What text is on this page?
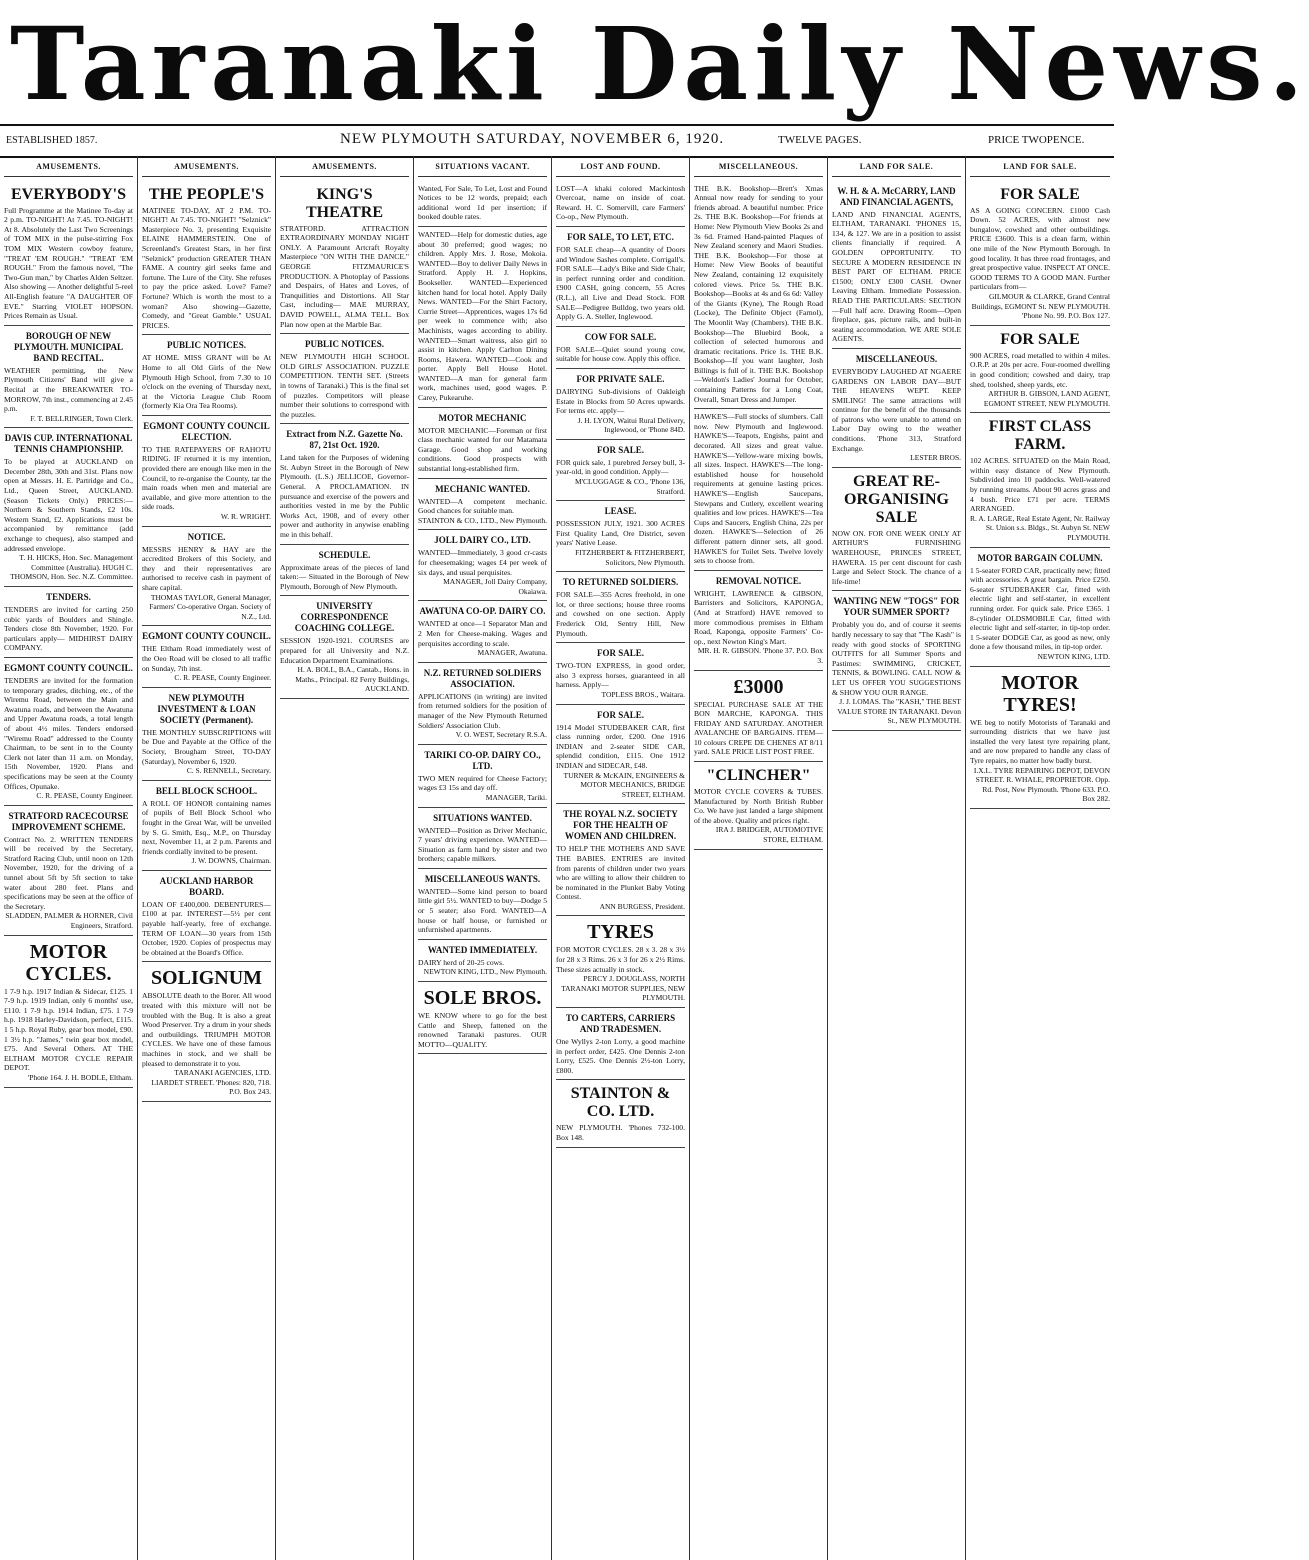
Taranaki Daily News.
ESTABLISHED 1857.	NEW PLYMOUTH SATURDAY, NOVEMBER 6, 1920.	TWELVE PAGES.	PRICE TWOPENCE.
AMUSEMENTS.
EVERYBODY'S
Full Programme at the Matinee To-day at 2 p.m. TO-NIGHT! At 7.45. TO-NIGHT! At 8. Absolutely the Last Two Screenings of TOM MIX in the pulse-stirring Fox TOM MIX Western cowboy feature, "TREAT 'EM ROUGH." "TREAT 'EM ROUGH." From the famous novel, "The Two-Gun man," by Charles Alden Seltzer. Also showing — Another delightful 5-reel All-English feature "A DAUGHTER OF EVE." Starring VIOLET HOPSON. Prices Remain as Usual.
BOROUGH OF NEW PLYMOUTH. MUNICIPAL BAND RECITAL.
WEATHER permitting, the New Plymouth Citizens' Band will give a Recital at the BREAKWATER TO-MORROW, 7th inst., commencing at 2.45 p.m.
F. T. BELLRINGER, Town Clerk.
DAVIS CUP. INTERNATIONAL TENNIS CHAMPIONSHIP.
To be played at AUCKLAND on December 28th, 30th and 31st. Plans now open at Messrs. H. E. Partridge and Co., Ltd., Queen Street, AUCKLAND. (Season Tickets Only.) PRICES:— Northern & Southern Stands, £2 10s. Western Stand, £2. Applications must be accompanied by remittance (add exchange to cheques), also stamped and addressed envelope.
T. H. HICKS, Hon. Sec. Management Committee (Australia). HUGH C. THOMSON, Hon. Sec. N.Z. Committee.
TENDERS.
TENDERS are invited for carting 250 cubic yards of Boulders and Shingle. Tenders close 8th November, 1920. For particulars apply— MIDHIRST DAIRY COMPANY.
EGMONT COUNTY COUNCIL.
TENDERS are invited for the formation to temporary grades, ditching, etc., of the Wiremu Road, between the Main and Awatuna roads, and between the Awatuna and Upper Awatuna roads, a total length of about 4½ miles. Tenders endorsed "Wiremu Road" addressed to the County Chairman, to be sent in to the County Clerk not later than 11 a.m. on Monday, 15th November, 1920. Plans and specifications may be seen at the County Offices, Opunake.
C. R. PEASE, County Engineer.
STRATFORD RACECOURSE IMPROVEMENT SCHEME.
Contract No. 2. WRITTEN TENDERS will be received by the Secretary, Stratford Racing Club, until noon on 12th November, 1920, for the driving of a tunnel about 5ft by 5ft section to take water about 280 feet. Plans and specifications may be seen at the office of the Secretary.
SLADDEN, PALMER & HORNER, Civil Engineers, Stratford.
MOTOR CYCLES.
1 7-9 h.p. 1917 Indian & Sidecar, £125. 1 7-9 h.p. 1919 Indian, only 6 months' use, £110. 1 7-9 h.p. 1914 Indian, £75. 1 7-9 h.p. 1918 Harley-Davidson, perfect, £115. 1 5 h.p. Royal Ruby, gear box model, £90. 1 3½ h.p. "James," twin gear box model, £75. And Several Others. AT THE ELTHAM MOTOR CYCLE REPAIR DEPOT.
'Phone 164. J. H. BODLE, Eltham.
AMUSEMENTS.
THE PEOPLE'S
MATINEE TO-DAY, AT 2 P.M. TO-NIGHT! At 7.45. TO-NIGHT! "Selznick" Masterpiece No. 3, presenting Exquisite ELAINE HAMMERSTEIN. One of Screenland's Greatest Stars, in her first "Selznick" production GREATER THAN FAME. A country girl seeks fame and fortune. The Lure of the City. She refuses to pay the price asked. Love? Fame? Fortune? Which is worth the most to a woman? Also showing—Gazette, Comedy, and "Great Gamble." USUAL PRICES.
PUBLIC NOTICES.
AT HOME. MISS GRANT will be At Home to all Old Girls of the New Plymouth High School, from 7.30 to 10 o'clock on the evening of Thursday next, at the Victoria League Club Room (formerly Kia Ora Tea Rooms).
EGMONT COUNTY COUNCIL ELECTION.
TO THE RATEPAYERS OF RAHOTU RIDING. IF returned it is my intention, provided there are enough like men in the Council, to re-organise the County, tar the main roads when men and material are available, and give more attention to the side roads.
W. R. WRIGHT.
NOTICE.
MESSRS HENRY & HAY are the accredited Brokers of this Society, and they and their representatives are authorised to receive cash in payment of share capital.
THOMAS TAYLOR, General Manager, Farmers' Co-operative Organ. Society of N.Z., Ltd.
EGMONT COUNTY COUNCIL.
THE Eltham Road immediately west of the Oeo Road will be closed to all traffic on Sunday, 7th inst.
C. R. PEASE, County Engineer.
NEW PLYMOUTH INVESTMENT & LOAN SOCIETY (Permanent).
THE MONTHLY SUBSCRIPTIONS will be Due and Payable at the Office of the Society, Brougham Street, TO-DAY (Saturday), November 6, 1920.
C. S. RENNELL, Secretary.
BELL BLOCK SCHOOL.
A ROLL OF HONOR containing names of pupils of Bell Block School who fought in the Great War, will be unveiled by S. G. Smith, Esq., M.P., on Thursday next, November 11, at 2 p.m. Parents and friends cordially invited to be present.
J. W. DOWNS, Chairman.
AUCKLAND HARBOR BOARD.
LOAN OF £400,000. DEBENTURES—£100 at par. INTEREST—5½ per cent payable half-yearly, free of exchange. TERM OF LOAN—30 years from 15th October, 1920. Copies of prospectus may be obtained at the Board's Office.
SOLIGNUM
ABSOLUTE death to the Borer. All wood treated with this mixture will not be troubled with the Bug. It is also a great Wood Preserver. Try a drum in your sheds and outbuildings. TRIUMPH MOTOR CYCLES. We have one of these famous machines in stock, and we shall be pleased to demonstrate it to you.
TARANAKI AGENCIES, LTD. LIARDET STREET. 'Phones: 820, 718. P.O. Box 243.
AMUSEMENTS.
KING'S THEATRE
STRATFORD. ATTRACTION EXTRAORDINARY MONDAY NIGHT ONLY. A Paramount Artcraft Royalty Masterpiece "ON WITH THE DANCE." GEORGE FITZMAURICE'S PRODUCTION. A Photoplay of Passions and Despairs, of Hates and Loves, of Tranquilities and Distortions. All Star Cast, including— MAE MURRAY, DAVID POWELL, ALMA TELL. Box Plan now open at the Marble Bar.
PUBLIC NOTICES.
NEW PLYMOUTH HIGH SCHOOL OLD GIRLS' ASSOCIATION. PUZZLE COMPETITION. TENTH SET. (Streets in towns of Taranaki.) This is the final set of puzzles. Competitors will please number their solutions to correspond with the puzzles.
Extract from N.Z. Gazette No. 87, 21st Oct. 1920.
Land taken for the Purposes of widening St. Aubyn Street in the Borough of New Plymouth. (L.S.) JELLICOE, Governor-General. A PROCLAMATION. IN pursuance and exercise of the powers and authorities vested in me by the Public Works Act, 1908, and of every other power and authority in anywise enabling me in this behalf.
SCHEDULE.
Approximate areas of the pieces of land taken:— Situated in the Borough of New Plymouth, Borough of New Plymouth.
UNIVERSITY CORRESPONDENCE COACHING COLLEGE.
SESSION 1920-1921. COURSES are prepared for all University and N.Z. Education Department Examinations.
H. A. BOLL, B.A., Cantab., Hons. in Maths., Principal. 82 Ferry Buildings, AUCKLAND.
SITUATIONS VACANT.
Wanted, For Sale, To Let, Lost and Found Notices to be 12 words, prepaid; each additional word 1d per insertion; if booked double rates.
WANTED—Help for domestic duties, age about 30 preferred; good wages; no children. Apply Mrs. J. Rose, Mokoia. WANTED—Boy to deliver Daily News in Stratford. Apply H. J. Hopkins, Bookseller. WANTED—Experienced kitchen hand for local hotel. Apply Daily News. WANTED—For the Shirt Factory, Currie Street—Apprentices, wages 17s 6d per week to commence with; also Machinists, wages according to ability. WANTED—Smart waitress, also girl to assist in kitchen. Apply Carlton Dining Rooms, Hawera. WANTED—Cook and porter. Apply Bell House Hotel. WANTED—A man for general farm work, machines used, good wages. P. Carey, Pukearuhe.
MOTOR MECHANIC
MOTOR MECHANIC—Foreman or first class mechanic wanted for our Matamata Garage. Good shop and working conditions. Good prospects with substantial long-established firm.
MECHANIC WANTED.
WANTED—A competent mechanic. Good chances for suitable man.
STAINTON & CO., LTD., New Plymouth.
JOLL DAIRY CO., LTD.
WANTED—Immediately, 3 good cr-casts for cheesemaking; wages £4 per week of six days, and usual perquisites.
MANAGER, Joll Dairy Company, Okaiawa.
AWATUNA CO-OP. DAIRY CO.
WANTED at once—1 Separator Man and 2 Men for Cheese-making. Wages and perquisites according to scale.
MANAGER, Awatuna.
N.Z. RETURNED SOLDIERS ASSOCIATION.
APPLICATIONS (in writing) are invited from returned soldiers for the position of manager of the New Plymouth Returned Soldiers' Association Club.
V. O. WEST, Secretary R.S.A.
TARIKI CO-OP. DAIRY CO., LTD.
TWO MEN required for Cheese Factory; wages £3 15s and day off.
MANAGER, Tariki.
SITUATIONS WANTED.
WANTED—Position as Driver Mechanic, 7 years' driving experience. WANTED—Situation as farm hand by sister and two brothers; capable milkers.
MISCELLANEOUS WANTS.
WANTED—Some kind person to board little girl 5½. WANTED to buy—Dodge 5 or 5 seater; also Ford. WANTED—A house or half house, or furnished or unfurnished apartments.
WANTED IMMEDIATELY.
DAIRY herd of 20-25 cows.
NEWTON KING, LTD., New Plymouth.
SOLE BROS.
WE KNOW where to go for the best Cattle and Sheep, fattened on the renowned Taranaki pastures. OUR MOTTO—QUALITY.
LOST AND FOUND.
LOST—A khaki colored Mackintosh Overcoat, name on inside of coat. Reward. H. C. Somervill, care Farmers' Co-op., New Plymouth.
FOR SALE, TO LET, ETC.
FOR SALE cheap—A quantity of Doors and Window Sashes complete. Corrigall's. FOR SALE—Lady's Bike and Side Chair, in perfect running order and condition. £900 CASH, going concern, 55 Acres (R.L.), all Live and Dead Stock. FOR SALE—Pedigree Bulldog, two years old. Apply G. A. Steller, Inglewood.
COW FOR SALE.
FOR SALE—Quiet sound young cow, suitable for house cow. Apply this office.
FOR PRIVATE SALE.
DAIRYING Sub-divisions of Oakleigh Estate in Blocks from 50 Acres upwards. For terms etc. apply—
J. H. LYON, Waitui Rural Delivery, Inglewood, or 'Phone 84D.
FOR SALE.
FOR quick sale, 1 purebred Jersey bull, 3-year-old, in good condition. Apply—
M'CLUGGAGE & CO., 'Phone 136, Stratford.
LEASE.
POSSESSION JULY, 1921. 300 ACRES First Quality Land, Ore District, seven years' Native Lease.
FITZHERBERT & FITZHERBERT, Solicitors, New Plymouth.
TO RETURNED SOLDIERS.
FOR SALE—355 Acres freehold, in one lot, or three sections; house three rooms and cowshed on one section. Apply Frederick Old, Sentry Hill, New Plymouth.
FOR SALE.
TWO-TON EXPRESS, in good order, also 3 express horses, guaranteed in all harness. Apply—
TOPLESS BROS., Waitara.
FOR SALE.
1914 Model STUDEBAKER CAR, first class running order, £200. One 1916 INDIAN and 2-seater SIDE CAR, splendid condition, £115. One 1912 INDIAN and SIDECAR, £48.
TURNER & McKAIN, ENGINEERS & MOTOR MECHANICS, BRIDGE STREET, ELTHAM.
THE ROYAL N.Z. SOCIETY FOR THE HEALTH OF WOMEN AND CHILDREN.
TO HELP THE MOTHERS AND SAVE THE BABIES. ENTRIES are invited from parents of children under two years who are willing to allow their children to be nominated in the Plunket Baby Voting Contest.
ANN BURGESS, President.
TYRES
FOR MOTOR CYCLES. 28 x 3. 28 x 3½ for 28 x 3 Rims. 26 x 3 for 26 x 2½ Rims. These sizes actually in stock.
PERCY J. DOUGLASS, NORTH TARANAKI MOTOR SUPPLIES, NEW PLYMOUTH.
TO CARTERS, CARRIERS AND TRADESMEN.
One Wyllys 2-ton Lorry, a good machine in perfect order, £425. One Dennis 2-ton Lorry, £525. One Dennis 2½-ton Lorry, £800.
STAINTON & CO. LTD.
NEW PLYMOUTH. 'Phones 732-100. Box 148.
MISCELLANEOUS.
THE B.K. Bookshop—Brett's Xmas Annual now ready for sending to your friends abroad. A beautiful number. Price 2s. THE B.K. Bookshop—For friends at Home: New Plymouth View Books 2s and 3s 6d. Framed Hand-painted Plaques of New Zealand scenery and Maori Studies. THE B.K. Bookshop—For those at Home: New View Books of beautiful New Zealand, containing 12 exquisitely colored views. Price 5s. THE B.K. Bookshop—Books at 4s and 6s 6d: Valley of the Giants (Kyne), The Rough Road (Locke), The Definite Object (Farnol), The Moonlit Way (Chambers). THE B.K. Bookshop—The Bluebird Book, a collection of selected humorous and dramatic recitations. Price 1s. THE B.K. Bookshop—If you want laughter, Josh Billings is full of it. THE B.K. Bookshop—Weldon's Ladies' Journal for October, containing Patterns for a Long Coat, Overall, Smart Dress and Jumper.
HAWKE'S—Full stocks of slumbers. Call now. New Plymouth and Inglewood. HAWKE'S—Teapots, Engishs, paint and decorated. All sizes and great value. HAWKE'S—Yellow-ware mixing bowls, all sizes. Inspect. HAWKE'S—The long-established house for household requirements at genuine lasting prices. HAWKE'S—English Saucepans, Stewpans and Cutlery, excellent wearing qualities and low prices. HAWKE'S—Tea Cups and Saucers, English China, 22s per dozen. HAWKE'S—Selection of 26 different pattern dinner sets, all good. HAWKE'S for Toilet Sets. Twelve lovely sets to choose from.
REMOVAL NOTICE.
WRIGHT, LAWRENCE & GIBSON, Barristers and Solicitors, KAPONGA, (And at Stratford) HAVE removed to more commodious premises in Eltham Road, Kaponga, opposite Farmers' Co-op., next Newton King's Mart.
MR. H. R. GIBSON. 'Phone 37. P.O. Box 3.
£3000
SPECIAL PURCHASE SALE AT THE BON MARCHE, KAPONGA. THIS FRIDAY AND SATURDAY. ANOTHER AVALANCHE OF BARGAINS. ITEM—10 colours CREPE DE CHENES AT 8/11 yard. SALE PRICE LIST POST FREE.
"CLINCHER"
MOTOR CYCLE COVERS & TUBES. Manufactured by North British Rubber Co. We have just landed a large shipment of the above. Quality and prices right.
IRA J. BRIDGER, AUTOMOTIVE STORE, ELTHAM.
LAND FOR SALE.
W. H. & A. McCARRY, LAND AND FINANCIAL AGENTS,
LAND AND FINANCIAL AGENTS, ELTHAM, TARANAKI. 'PHONES 15, 134, & 127. We are in a position to assist clients financially if required. A GOLDEN OPPORTUNITY. TO SECURE A MODERN RESIDENCE IN BEST PART OF ELTHAM. PRICE £1500; ONLY £300 CASH. Owner Leaving Eltham. Immediate Possession. READ THE PARTICULARS: SECTION—Full half acre. Drawing Room—Open fireplace, gas, picture rails, and built-in seating accommodation. WE ARE SOLE AGENTS.
MISCELLANEOUS.
EVERYBODY LAUGHED AT NGAERE GARDENS ON LABOR DAY—BUT THE HEAVENS WEPT. KEEP SMILING! The same attractions will continue for the benefit of the thousands of patrons who were unable to attend on Labor Day owing to the weather conditions. 'Phone 313, Stratford Exchange.
LESTER BROS.
GREAT RE-ORGANISING SALE
NOW ON. FOR ONE WEEK ONLY AT ARTHUR'S FURNISHING WAREHOUSE, PRINCES STREET, HAWERA. 15 per cent discount for cash Large and Select Stock. The chance of a life-time!
WANTING NEW "TOGS" FOR YOUR SUMMER SPORT?
Probably you do, and of course it seems hardly necessary to say that "The Kash" is ready with good stocks of SPORTING OUTFITS for all Summer Sports and Pastimes: SWIMMING, CRICKET, TENNIS, & BOWLING. CALL NOW & LET US OFFER YOU SUGGESTIONS & SHOW YOU OUR RANGE.
J. J. LOMAS. The "KASH," THE BEST VALUE STORE IN TARANAKI. Devon St., NEW PLYMOUTH.
LAND FOR SALE.
FOR SALE
AS A GOING CONCERN. £1000 Cash Down. 52 ACRES, with almost new bungalow, cowshed and other outbuildings. PRICE £3600. This is a clean farm, within one mile of the New Plymouth Borough. In good locality. It has three road frontages, and great prospective value. INSPECT AT ONCE. GOOD TERMS TO A GOOD MAN. Further particulars from—
GILMOUR & CLARKE, Grand Central Buildings, EGMONT St. NEW PLYMOUTH. 'Phone No. 99. P.O. Box 127.
FOR SALE
900 ACRES, road metalled to within 4 miles. O.R.P. at 20s per acre. Four-roomed dwelling in good condition; cowshed and dairy, trap shed, toolshed, sheep yards, etc.
ARTHUR B. GIBSON, LAND AGENT, EGMONT STREET, NEW PLYMOUTH.
FIRST CLASS FARM.
102 ACRES. SITUATED on the Main Road, within easy distance of New Plymouth. Subdivided into 10 paddocks. Well-watered by running streams. About 90 acres grass and 4 bush. Price £71 per acre. TERMS ARRANGED.
R. A. LARGE, Real Estate Agent, Nr. Railway St. Union s.s. Bldgs., St. Aubyn St. NEW PLYMOUTH.
MOTOR BARGAIN COLUMN.
1 5-seater FORD CAR, practically new; fitted with accessories. A great bargain. Price £250. 6-seater STUDEBAKER Car, fitted with electric light and self-starter, in excellent running order. For quick sale. Price £365. 1 8-cylinder OLDSMOBILE Car, fitted with electric light and self-starter, in tip-top order. 1 5-seater DODGE Car, as good as new, only done a few thousand miles, in tip-top order.
NEWTON KING, LTD.
MOTOR TYRES!
WE beg to notify Motorists of Taranaki and surrounding districts that we have just installed the very latest tyre repairing plant, and are now prepared to handle any class of Tyre repairs, no matter how badly burst.
I.X.L. TYRE REPAIRING DEPOT, DEVON STREET. R. WHALE, PROPRIETOR. Opp. Rd. Post, New Plymouth. 'Phone 633. P.O. Box 282.
